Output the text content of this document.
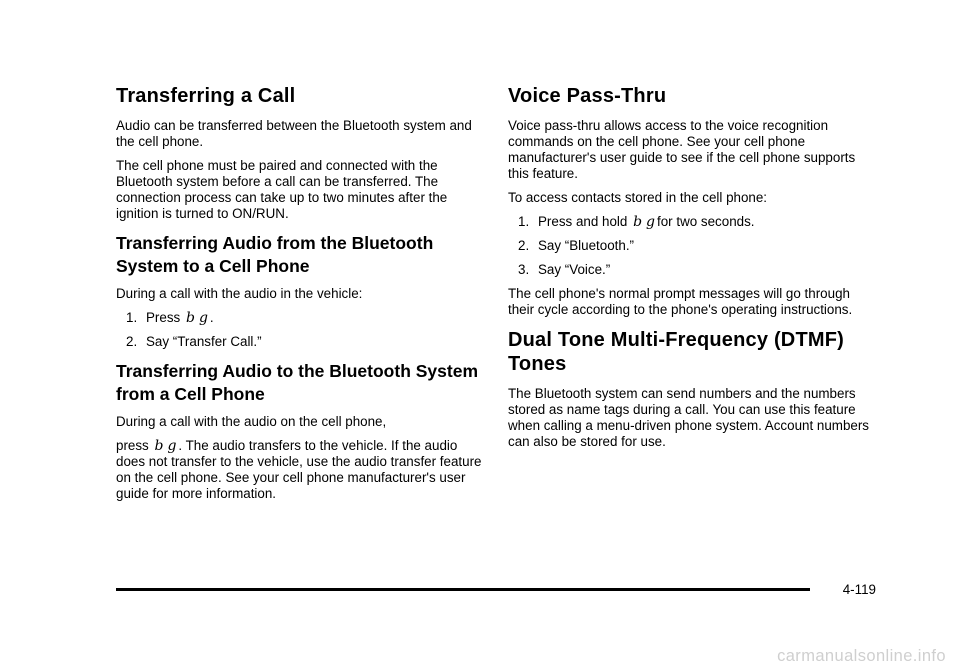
Transferring a Call

Audio can be transferred between the Bluetooth system and the cell phone.

The cell phone must be paired and connected with the Bluetooth system before a call can be transferred. The connection process can take up to two minutes after the ignition is turned to ON/RUN.

Transferring Audio from the Bluetooth System to a Cell Phone

During a call with the audio in the vehicle:

1. Press b g .
2. Say “Transfer Call.”
Transferring Audio to the Bluetooth System from a Cell Phone

During a call with the audio on the cell phone,

press b g . The audio transfers to the vehicle. If the audio does not transfer to the vehicle, use the audio transfer feature on the cell phone. See your cell phone manufacturer's user guide for more information.

Voice Pass-Thru

Voice pass-thru allows access to the voice recognition commands on the cell phone. See your cell phone manufacturer's user guide to see if the cell phone supports this feature.

To access contacts stored in the cell phone:

1. Press and hold b g for two seconds.
2. Say “Bluetooth.”
3. Say “Voice.”

The cell phone's normal prompt messages will go through their cycle according to the phone's operating instructions.

Dual Tone Multi-Frequency (DTMF) Tones

The Bluetooth system can send numbers and the numbers stored as name tags during a call. You can use this feature when calling a menu-driven phone system. Account numbers can also be stored for use.

4-119
carmanualsonline.info
